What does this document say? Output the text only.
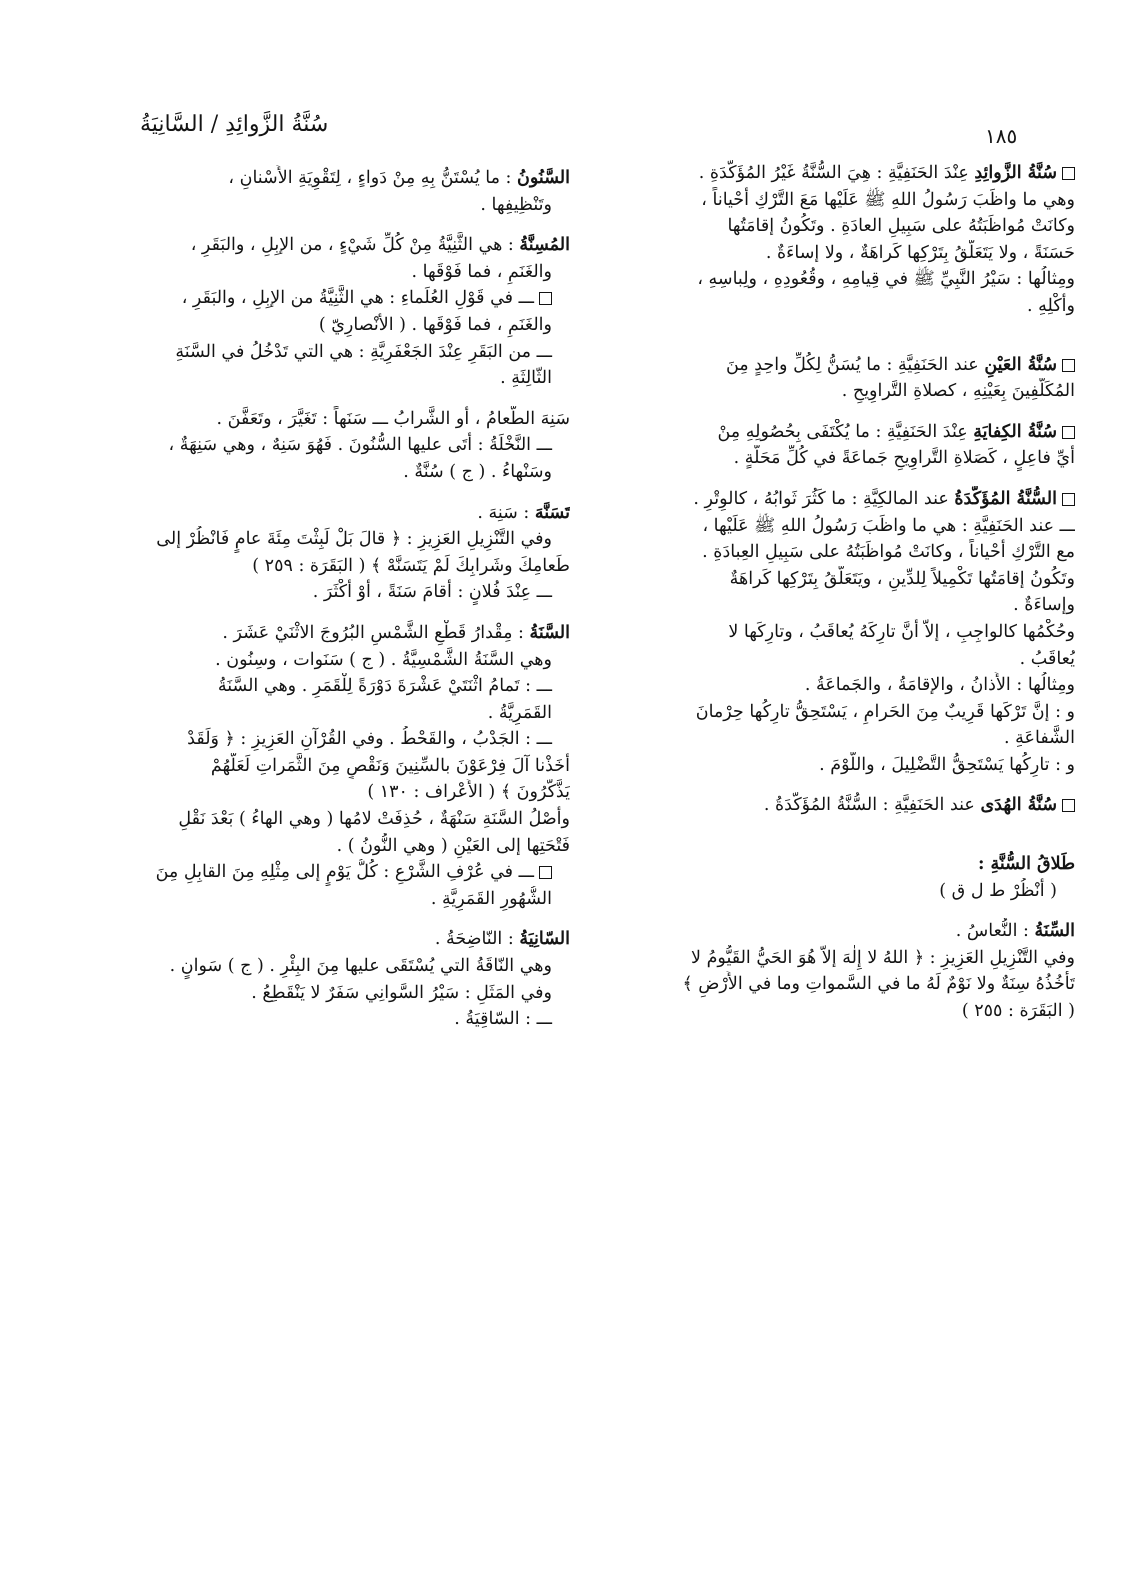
سُنَّةُ الزَّوائِدِ / السَّانِيَةُ	١٨٥
سُنَّةُ الزَّوائِدِ عِنْدَ الحَنَفِيَّةِ : هِيَ السُّنَّةُ غَيْرُ المُؤَكَّدَةِ .
وهي ما واظَبَ رَسُولُ اللهِ ﷺ عَلَيْها مَعَ التَّرْكِ أَحْياناً ،
وكانَتْ مُواظَبَتُهُ على سَبِيلِ العادَةِ . وتَكُونُ إقامَتُها
حَسَنَةً ، ولا يَتَعَلَّقُ بِتَرْكِها كَراهَةٌ ، ولا إساءَةٌ .
ومِثالُها : سَيْرُ النَّبِيِّ ﷺ في قِيامِهِ ، وقُعُودِهِ ، ولِباسِهِ ،
وأَكْلِهِ .
سُنَّةُ العَيْنِ عند الحَنَفِيَّةِ : ما يُسَنُّ لِكُلِّ واحِدٍ مِنَ
المُكَلَّفِينَ بِعَيْنِهِ ، كصلاةِ التَّراوِيحِ .
سُنَّةُ الكِفايَةِ عِنْدَ الحَنَفِيَّةِ : ما يُكْتَفَى بِحُصُولِهِ مِنْ
أَيِّ فاعِلٍ ، كَصَلاةِ التَّراوِيحِ جَماعَةً في كُلِّ مَحَلَّةٍ .
السُّنَّةُ المُؤَكَّدَةُ عند المالكِيَّةِ : ما كَثُرَ ثَوابُهُ ، كالوِتْرِ .
ـــ عند الحَنَفِيَّةِ : هي ما واظَبَ رَسُولُ اللهِ ﷺ عَلَيْها ،
مع التَّرْكِ أَحْياناً ، وكانَتْ مُواظَبَتُهُ على سَبِيلِ العِبادَةِ .
وتَكُونُ إقامَتُها تَكْمِيلاً لِلدِّينِ ، ويَتَعَلَّقُ بِتَرْكِها كَراهَةٌ
وإساءَةٌ .
وحُكْمُها كالواجِبِ ، إلاّ أَنَّ تارِكَهُ يُعاقَبُ ، وتارِكَها لا
يُعاقَبُ .
ومِثالُها : الأَذانُ ، والإقامَةُ ، والجَماعَةُ .
و : إنَّ تَرْكَها قَرِيبٌ مِنَ الحَرامِ ، يَسْتَحِقُّ تارِكُها حِرْمانَ
الشَّفاعَةِ .
و : تارِكُها يَسْتَحِقُّ التَّضْلِيلَ ، واللَّوْمَ .
سُنَّةُ الهُدَى عند الحَنَفِيَّةِ : السُّنَّةُ المُؤَكَّدَةُ .
طَلاقُ السُّنَّةِ :
( أُنْظُرْ ط ل ق )
السِّنَةُ : النُّعاسُ .
وفي التَّنْزِيلِ العَزِيزِ : ﴿ اللهُ لا إِلٰهَ إلاّ هُوَ الحَيُّ القَيُّومُ لا
تَأْخُذُهُ سِنَةٌ ولا نَوْمٌ لَهُ ما في السَّمواتِ وما في الأَرْضِ ﴾
( البَقَرَة : ٢٥٥ )
السَّنُونُ : ما يُسْتَنُّ بِهِ مِنْ دَواءٍ ، لِتَقْوِيَةِ الأَسْنانِ ،
وتَنْظِيفِها .
المُسِنَّةُ : هي الثَّنِيَّةُ مِنْ كُلِّ شَيْءٍ ، من الإبِلِ ، والبَقَرِ ،
والغَنَمِ ، فما فَوْقَها .
ـــ في قَوْلِ العُلَماءِ : هي الثَّنِيَّةُ من الإبِلِ ، والبَقَرِ ،
والغَنَمِ ، فما فَوْقَها . ( الأنْصارِيّ )
ـــ من البَقَرِ عِنْدَ الجَعْفَرِيَّةِ : هي التي تَدْخُلُ في السَّنَةِ
الثّالِثَةِ .
سَنِهَ الطَّعامُ ، أو الشَّرابُ ـــ سَنَهاً : تَغَيَّرَ ، وتَعَفَّنَ .
ـــ النَّخْلَةُ : أَتَى عليها السُّنُونَ . فَهُوَ سَنِهٌ ، وهي سَنِهَةٌ ،
وسَنْهاءُ . ( ج ) سُنَّةٌ .
تَسَنَّهَ : سَنِهَ .
وفي التَّنْزِيلِ العَزِيزِ : ﴿ قالَ بَلْ لَبِثْتَ مِئَةَ عامٍ فَانْظُرْ إلى
طَعامِكَ وشَرابِكَ لَمْ يَتَسَنَّهْ ﴾ ( البَقَرَة : ٢٥٩ )
ـــ عِنْدَ فُلانٍ : أَقامَ سَنَةً ، أوْ أَكْثَرَ .
السَّنَةُ : مِقْدارُ قَطْعِ الشَّمْسِ البُرُوجَ الاثْنَيْ عَشَرَ .
وهي السَّنَةُ الشَّمْسِيَّةُ . ( ج ) سَنَوات ، وسِنُون .
ـــ : تَمامُ اثْنَتَيْ عَشْرَةَ دَوْرَةً لِلْقَمَرِ . وهي السَّنَةُ
القَمَرِيَّةُ .
ـــ : الجَدْبُ ، والقَحْطُ . وفي القُرْآنِ العَزِيزِ : ﴿ وَلَقَدْ
أَخَذْنا آلَ فِرْعَوْنَ بالسِّنِينَ وَنَقْصٍ مِنَ الثَّمَراتِ لَعَلَّهُمْ
يَذَّكَّرُونَ ﴾ ( الأَعْراف : ١٣٠ )
وأَصْلُ السَّنَةِ سَنْهَةٌ ، حُذِفَتْ لامُها ( وهي الهاءُ ) بَعْدَ نَقْلِ
فَتْحَتِها إلى العَيْنِ ( وهي النُّونُ ) .
ـــ في عُرْفِ الشَّرْعِ : كُلُّ يَوْمٍ إلى مِثْلِهِ مِنَ القابِلِ مِنَ
الشُّهُورِ القَمَرِيَّةِ .
السّانِيَةُ : النّاضِحَةُ .
وهي النّاقَةُ التي يُسْتَقَى عليها مِنَ البِئْرِ . ( ج ) سَوانٍ .
وفي المَثَلِ : سَيْرُ السَّوانِي سَفَرٌ لا يَنْقَطِعُ .
ـــ : السّاقِيَةُ .
